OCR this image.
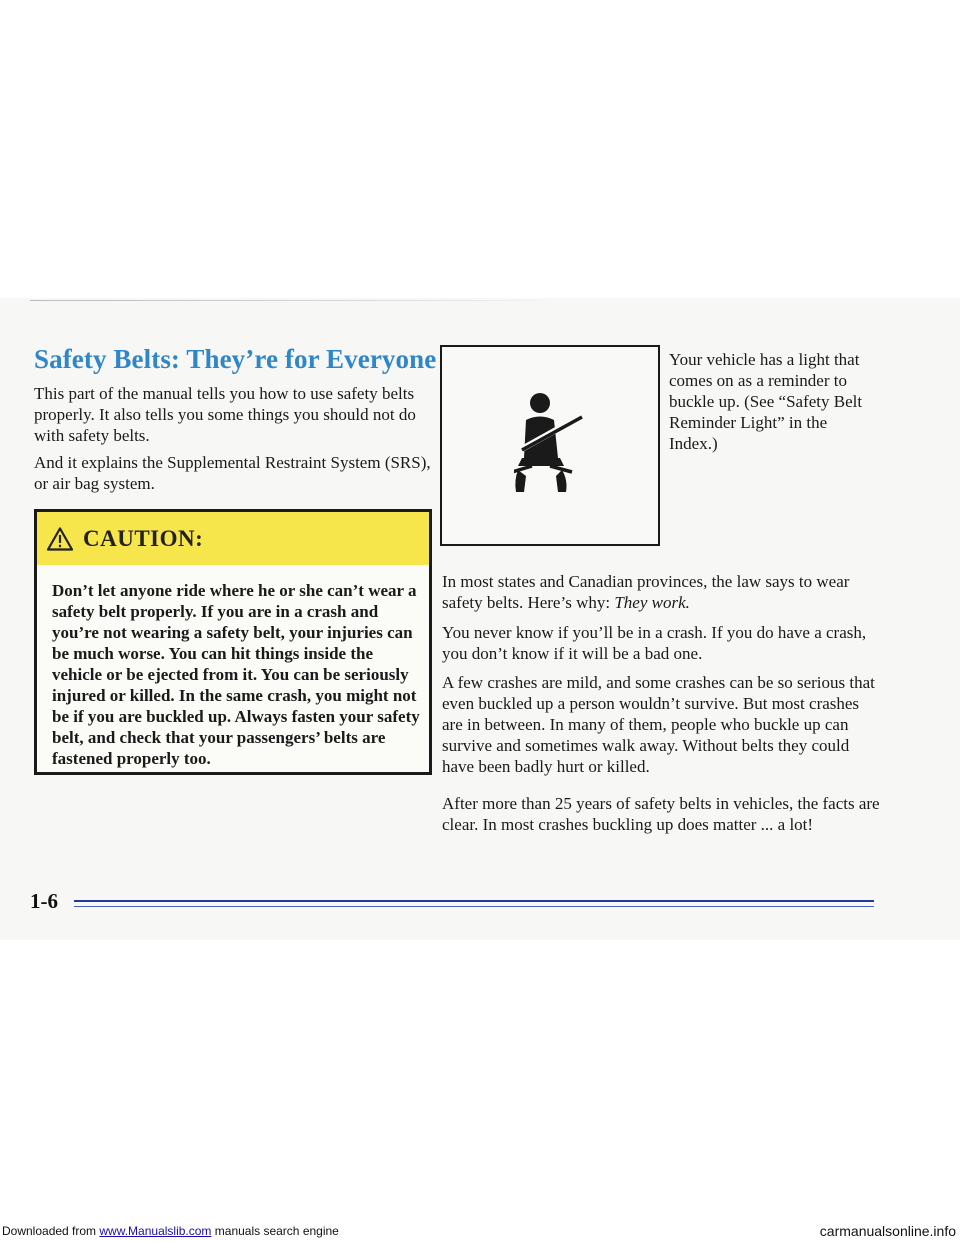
Safety Belts: They’re for Everyone

This part of the manual tells you how to use safety belts properly. It also tells you some things you should not do with safety belts.

And it explains the Supplemental Restraint System (SRS), or air bag system.

CAUTION:

Don’t let anyone ride where he or she can’t wear a safety belt properly. If you are in a crash and you’re not wearing a safety belt, your injuries can be much worse. You can hit things inside the vehicle or be ejected from it. You can be seriously injured or killed. In the same crash, you might not be if you are buckled up. Always fasten your safety belt, and check that your passengers’ belts are fastened properly too.

Your vehicle has a light that comes on as a reminder to buckle up. (See “Safety Belt Reminder Light” in the Index.)

In most states and Canadian provinces, the law says to wear safety belts. Here’s why: They work.

You never know if you’ll be in a crash. If you do have a crash, you don’t know if it will be a bad one.

A few crashes are mild, and some crashes can be so serious that even buckled up a person wouldn’t survive. But most crashes are in between. In many of them, people who buckle up can survive and sometimes walk away. Without belts they could have been badly hurt or killed.

After more than 25 years of safety belts in vehicles, the facts are clear. In most crashes buckling up does matter ... a lot!

1-6

Downloaded from www.Manualslib.com manuals search engine	carmanualsonline.info
